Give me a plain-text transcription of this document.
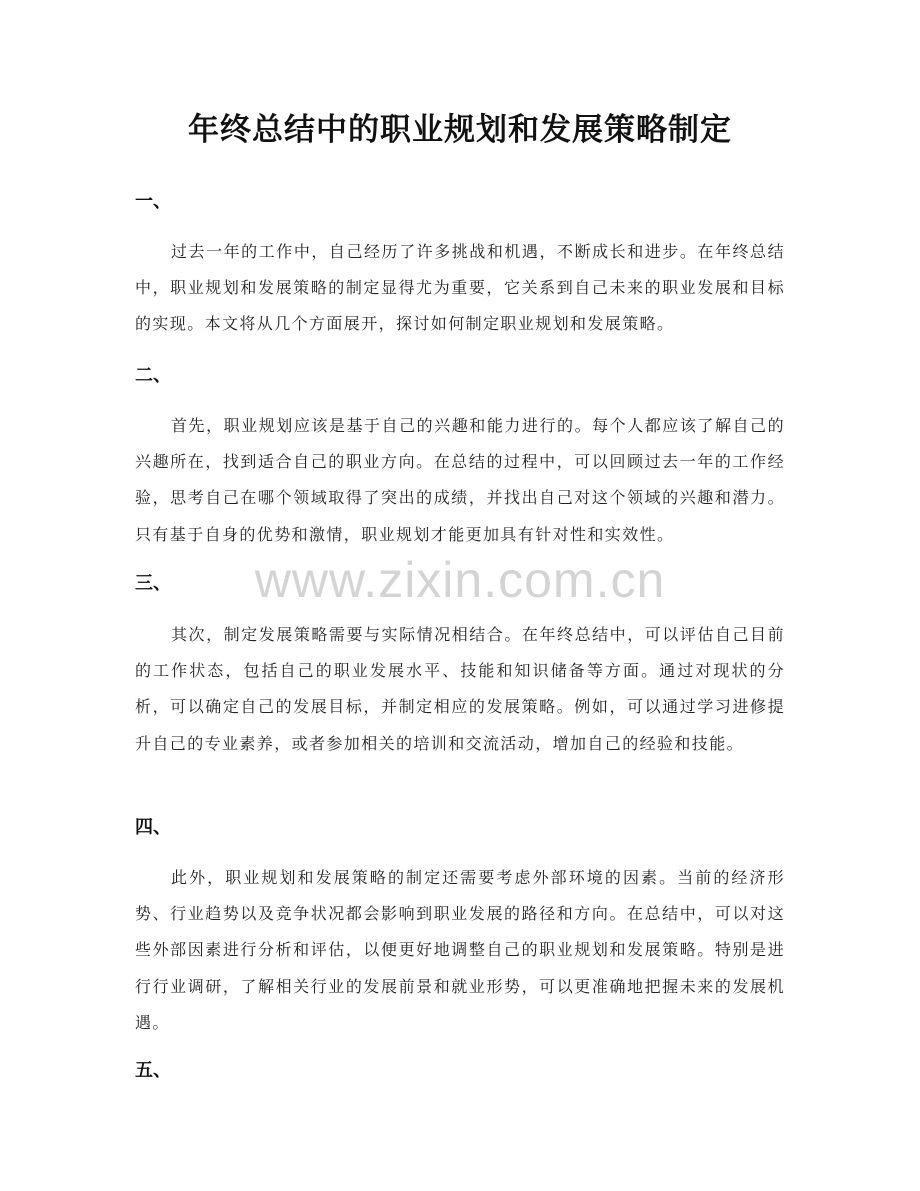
年终总结中的职业规划和发展策略制定
一、

过去一年的工作中，自己经历了许多挑战和机遇，不断成长和进步。在年终总结中，职业规划和发展策略的制定显得尤为重要，它关系到自己未来的职业发展和目标的实现。本文将从几个方面展开，探讨如何制定职业规划和发展策略。

二、

首先，职业规划应该是基于自己的兴趣和能力进行的。每个人都应该了解自己的兴趣所在，找到适合自己的职业方向。在总结的过程中，可以回顾过去一年的工作经验，思考自己在哪个领域取得了突出的成绩，并找出自己对这个领域的兴趣和潜力。只有基于自身的优势和激情，职业规划才能更加具有针对性和实效性。

三、

其次，制定发展策略需要与实际情况相结合。在年终总结中，可以评估自己目前的工作状态，包括自己的职业发展水平、技能和知识储备等方面。通过对现状的分析，可以确定自己的发展目标，并制定相应的发展策略。例如，可以通过学习进修提升自己的专业素养，或者参加相关的培训和交流活动，增加自己的经验和技能。

四、

此外，职业规划和发展策略的制定还需要考虑外部环境的因素。当前的经济形势、行业趋势以及竞争状况都会影响到职业发展的路径和方向。在总结中，可以对这些外部因素进行分析和评估，以便更好地调整自己的职业规划和发展策略。特别是进行行业调研，了解相关行业的发展前景和就业形势，可以更准确地把握未来的发展机遇。

五、
www.zixin.com.cn
